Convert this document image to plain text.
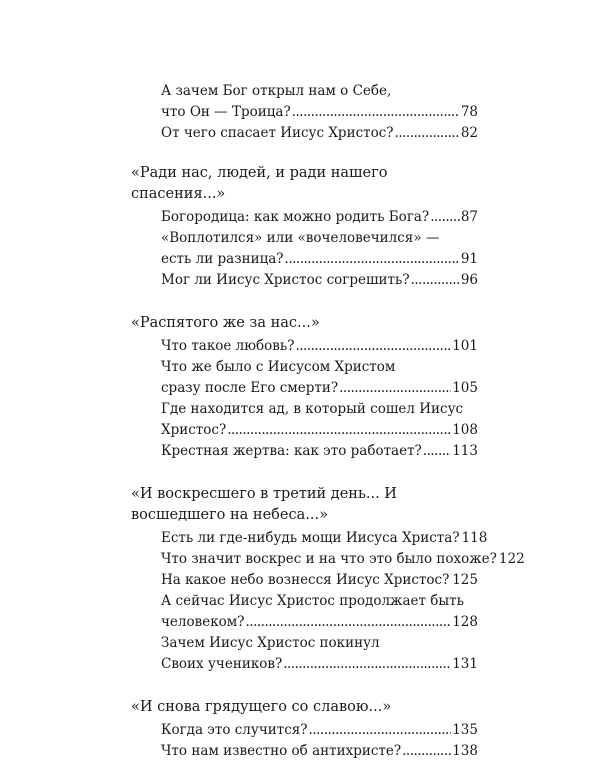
А зачем Бог открыл нам о Себе,
что Он — Троица? .....	78
От чего спасает Иисус Христос? .....	82
«Ради нас, людей, и ради нашего спасения...»
Богородица: как можно родить Бога? ..... 87
«Воплотился» или «вочеловечился» —
есть ли разница? .....	91
Мог ли Иисус Христос согрешить? .....	96
«Распятого же за нас...»
Что такое любовь? .....	101
Что же было с Иисусом Христом
сразу после Его смерти? .....	105
Где находится ад, в который сошел Иисус
Христос? .....	108
Крестная жертва: как это работает? ..... 113
«И воскресшего в третий день... И восшедшего на небеса...»
Есть ли где-нибудь мощи Иисуса Христа? 118
Что значит воскрес и на что это было похоже? 122
На какое небо вознесся Иисус Христос? ..... 125
А сейчас Иисус Христос продолжает быть
человеком? .....	128
Зачем Иисус Христос покинул
Своих учеников? .....	131
«И снова грядущего со славою...»
Когда это случится? .....	135
Что нам известно об антихристе? .....	138
